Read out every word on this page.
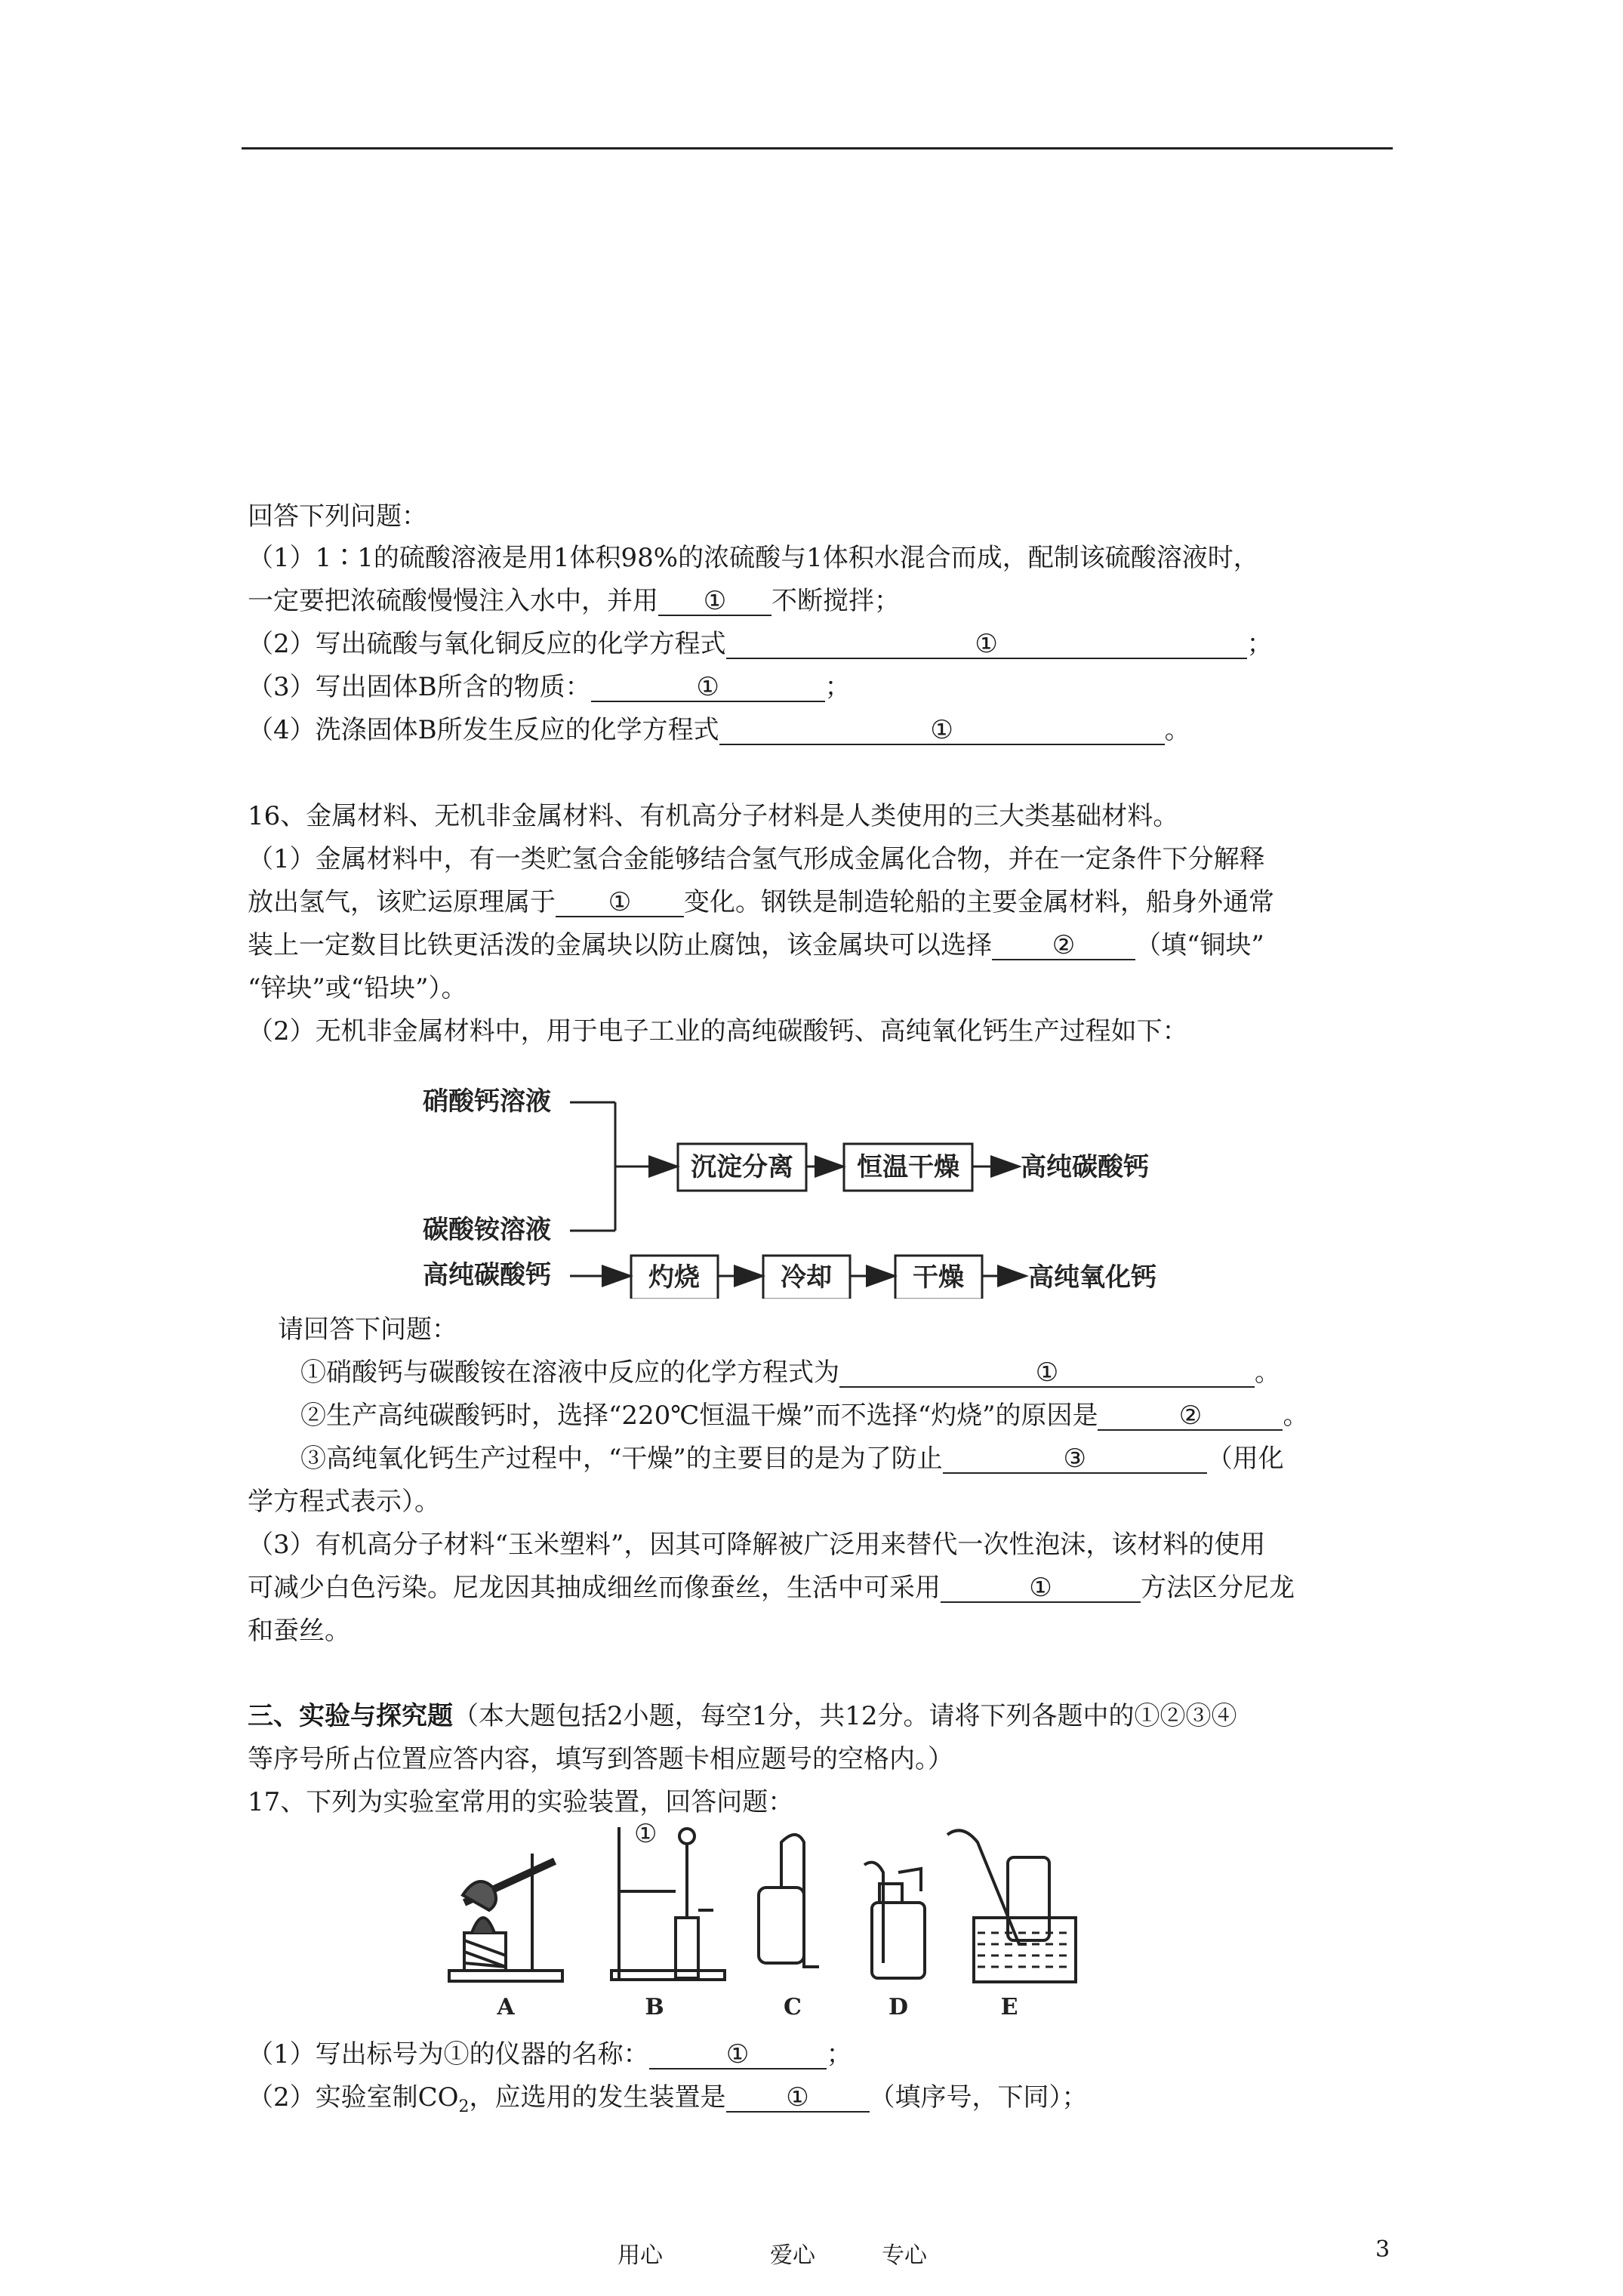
回答下列问题：
（1）1∶1的硫酸溶液是用1体积98%的浓硫酸与1体积水混合而成，配制该硫酸溶液时，
一定要把浓硫酸慢慢注入水中，并用 ① 不断搅拌；
（2）写出硫酸与氧化铜反应的化学方程式	①	；
（3）写出固体B所含的物质：	①	；
（4）洗涤固体B所发生反应的化学方程式	①	。
16、金属材料、无机非金属材料、有机高分子材料是人类使用的三大类基础材料。
（1）金属材料中，有一类贮氢合金能够结合氢气形成金属化合物，并在一定条件下分解释
放出氢气，该贮运原理属于 ① 变化。钢铁是制造轮船的主要金属材料，船身外通常
装上一定数目比铁更活泼的金属块以防止腐蚀，该金属块可以选择 ② （填“铜块”
“锌块”或“铅块”）。
（2）无机非金属材料中，用于电子工业的高纯碳酸钙、高纯氧化钙生产过程如下：
硝酸钙溶液
碳酸铵溶液
高纯碳酸钙
沉淀分离 恒温干燥 高纯碳酸钙
灼烧	冷却	干燥	高纯氧化钙
请回答下问题：
①硝酸钙与碳酸铵在溶液中反应的化学方程式为	①	。
②生产高纯碳酸钙时，选择“220℃恒温干燥”而不选择“灼烧”的原因是	②	。
③高纯氧化钙生产过程中，“干燥”的主要目的是为了防止	③	（用化
学方程式表示）。
（3）有机高分子材料“玉米塑料”，因其可降解被广泛用来替代一次性泡沫，该材料的使用
可减少白色污染。尼龙因其抽成细丝而像蚕丝，生活中可采用	①	方法区分尼龙
和蚕丝。
三、实验与探究题（本大题包括2小题，每空1分，共12分。请将下列各题中的①②③④
等序号所占位置应答内容，填写到答题卡相应题号的空格内。）
17、下列为实验室常用的实验装置，回答问题：
①
A	B	C	D	E
（1）写出标号为①的仪器的名称：	①	；
（2）实验室制$CO_2$，应选用的发生装置是 ① （填序号，下同）；
用心	爱心	专心	3
